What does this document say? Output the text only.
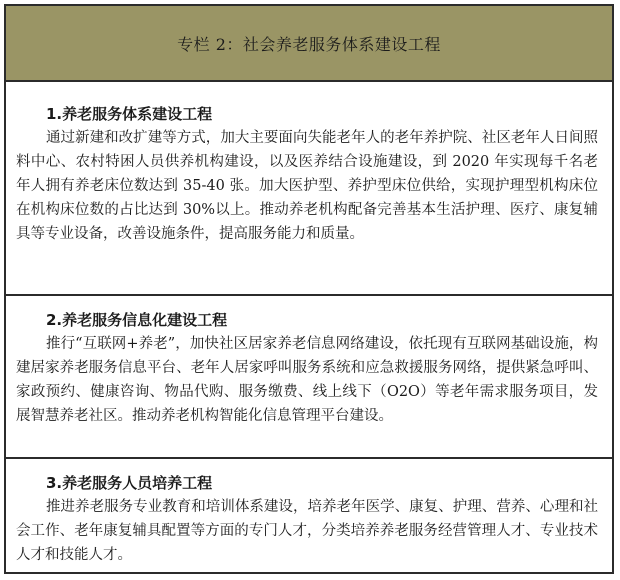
专栏 2：社会养老服务体系建设工程

1.养老服务体系建设工程

通过新建和改扩建等方式，加大主要面向失能老年人的老年养护院、社区老年人日间照料中心、农村特困人员供养机构建设，以及医养结合设施建设，到 2020 年实现每千名老年人拥有养老床位数达到 35-40 张。加大医护型、养护型床位供给，实现护理型机构床位在机构床位数的占比达到 30%以上。推动养老机构配备完善基本生活护理、医疗、康复辅具等专业设备，改善设施条件，提高服务能力和质量。

2.养老服务信息化建设工程

推行“互联网+养老”，加快社区居家养老信息网络建设，依托现有互联网基础设施，构建居家养老服务信息平台、老年人居家呼叫服务系统和应急救援服务网络，提供紧急呼叫、家政预约、健康咨询、物品代购、服务缴费、线上线下（O2O）等老年需求服务项目，发展智慧养老社区。推动养老机构智能化信息管理平台建设。

3.养老服务人员培养工程

推进养老服务专业教育和培训体系建设，培养老年医学、康复、护理、营养、心理和社会工作、老年康复辅具配置等方面的专门人才，分类培养养老服务经营管理人才、专业技术人才和技能人才。
